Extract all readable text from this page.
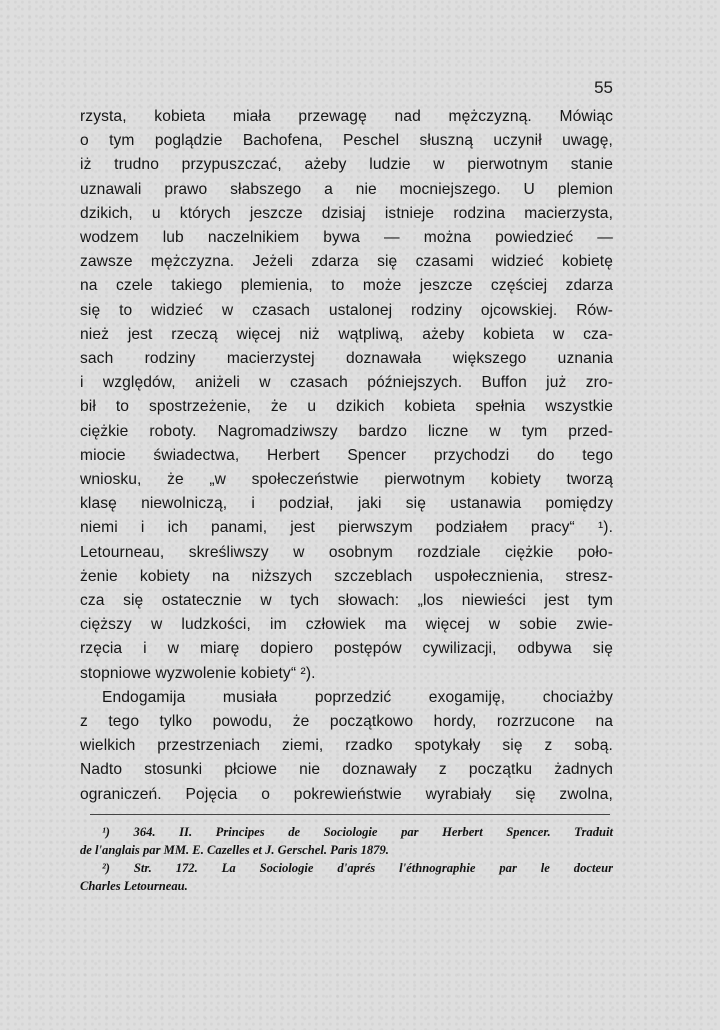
55
rzysta, kobieta miała przewagę nad mężczyzną. Mówiąc
o tym poglądzie Bachofena, Peschel słuszną uczynił uwagę,
iż trudno przypuszczać, ażeby ludzie w pierwotnym stanie
uznawali prawo słabszego a nie mocniejszego. U plemion
dzikich, u których jeszcze dzisiaj istnieje rodzina macierzysta,
wodzem lub naczelnikiem bywa — można powiedzieć —
zawsze mężczyzna. Jeżeli zdarza się czasami widzieć kobietę
na czele takiego plemienia, to może jeszcze częściej zdarza
się to widzieć w czasach ustalonej rodziny ojcowskiej. Rów-
nież jest rzeczą więcej niż wątpliwą, ażeby kobieta w cza-
sach rodziny macierzystej doznawała większego uznania
i względów, aniżeli w czasach późniejszych. Buffon już zro-
bił to spostrzeżenie, że u dzikich kobieta spełnia wszystkie
ciężkie roboty. Nagromadziwszy bardzo liczne w tym przed-
miocie świadectwa, Herbert Spencer przychodzi do tego
wniosku, że „w społeczeństwie pierwotnym kobiety tworzą
klasę niewolniczą, i podział, jaki się ustanawia pomiędzy
niemi i ich panami, jest pierwszym podziałem pracy“ ¹).
Letourneau, skreśliwszy w osobnym rozdziale ciężkie poło-
żenie kobiety na niższych szczeblach uspołecznienia, stresz-
cza się ostatecznie w tych słowach: „los niewieści jest tym
cięższy w ludzkości, im człowiek ma więcej w sobie zwie-
rzęcia i w miarę dopiero postępów cywilizacji, odbywa się
stopniowe wyzwolenie kobiety“ ²).
Endogamija musiała poprzedzić exogamiję, chociażby
z tego tylko powodu, że początkowo hordy, rozrzucone na
wielkich przestrzeniach ziemi, rzadko spotykały się z sobą.
Nadto stosunki płciowe nie doznawały z początku żadnych
ograniczeń. Pojęcia o pokrewieństwie wyrabiały się zwolna,
¹) 364. II. Principes de Sociologie par Herbert Spencer. Traduit
de l'anglais par MM. E. Cazelles et J. Gerschel. Paris 1879.
²) Str. 172. La Sociologie d'aprés l'éthnographie par le docteur
Charles Letourneau.
